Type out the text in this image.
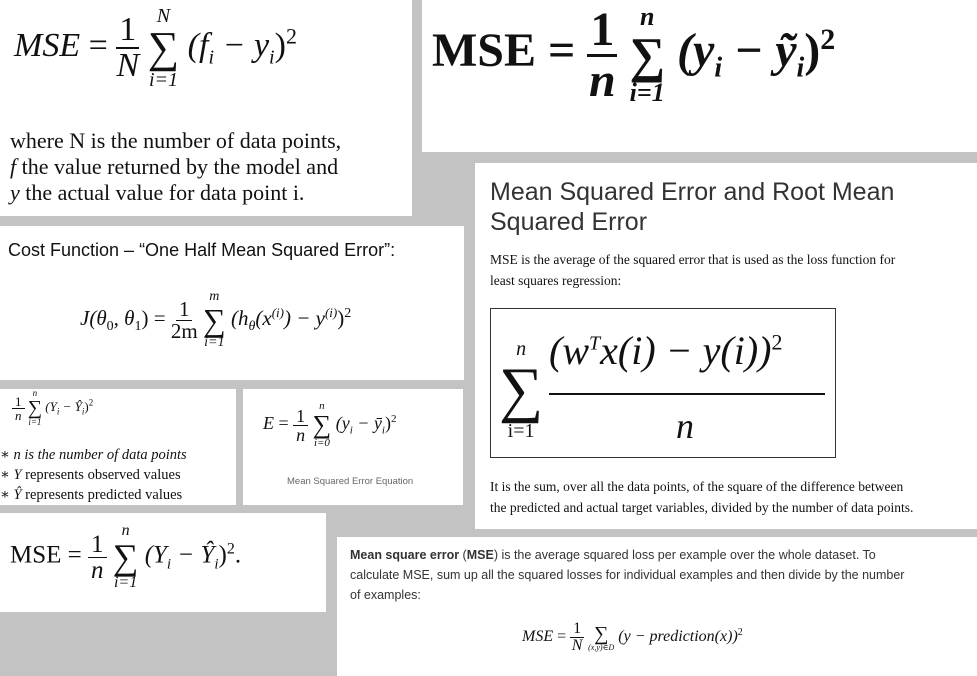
MSE = $\frac{1}{N}$
N
∑
i=1
$(f_i - y_i)^2$
where N is the number of data points,
f the value returned by the model and
y the actual value for data point i.
MSE = $\frac{1}{n}$
n
∑
i=1
($y_i$ − ỹ$_i$)$^2$
Mean Squared Error and Root Mean
Squared Error
MSE is the average of the squared error that is used as the loss function for
least squares regression:
n
∑
i=1
$(w^Tx(i) - y(i))^2$
n
It is the sum, over all the data points, of the square of the difference between
the predicted and actual target variables, divided by the number of data points.
Cost Function – “One Half Mean Squared Error”:
$J(\theta_0$, $\theta_1) = \frac{1}{2m}$

m
∑
i=1
$(h_\theta(x^{(i)}) - y^{(i)})^2$
$\frac{1}{n}$

n
∑
i=1
($Y_i$ − $Ŷ_i)^2$
∗ n is the number of data points
∗ Y represents observed values
∗ Ŷ represents predicted values
$E = \frac{1}{n}$

n
∑
i=0
($y_i$ − $ȳ_i)^2$
Mean Squared Error Equation
MSE = $\frac{1}{n}$

n
∑
i=1
($Y_i$ − $Ŷ_i)^2$.	Mean square error (MSE) is the average squared loss per example over the whole dataset. To
calculate MSE, sum up all the squared losses for individual examples and then divide by the number
of examples:
MSE = $\frac{1}{N}$
∑
(x,y)∈D
(y − prediction(x))$^2$
